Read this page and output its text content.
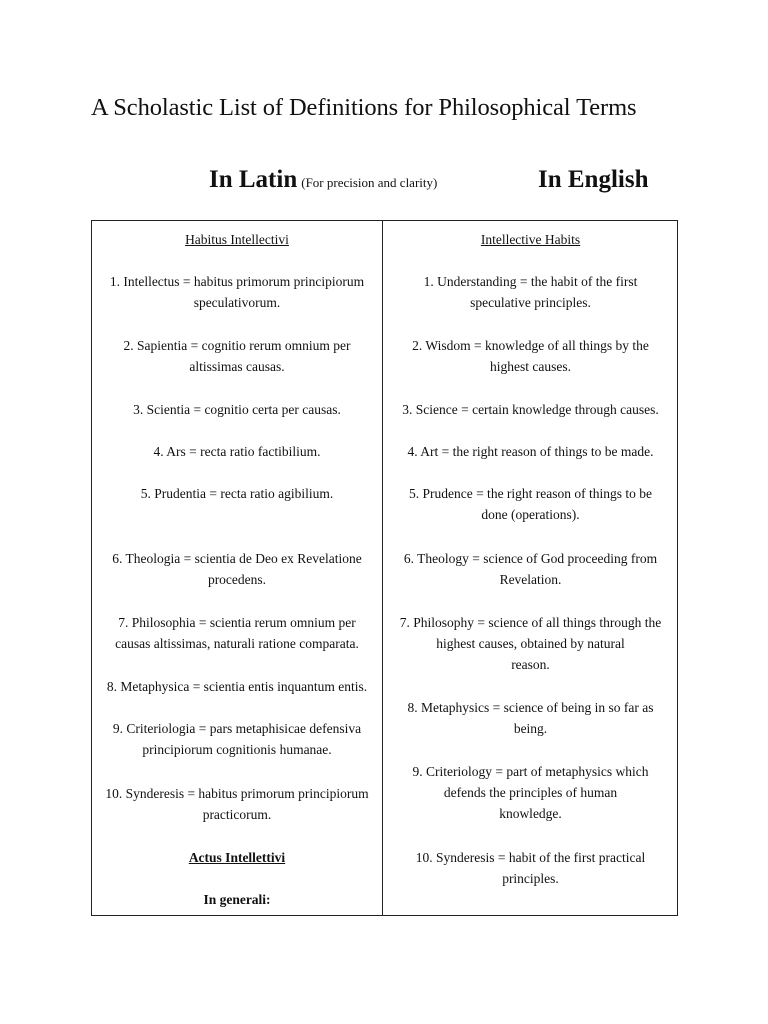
A Scholastic List of Definitions for Philosophical Terms
In Latin (For precision and clarity)	In English
Habitus Intellectivi
1. Intellectus = habitus primorum principiorum
speculativorum.
2. Sapientia = cognitio rerum omnium per
altissimas causas.
3. Scientia = cognitio certa per causas.
4. Ars = recta ratio factibilium.
5. Prudentia = recta ratio agibilium.
6. Theologia = scientia de Deo ex Revelatione
procedens.
7. Philosophia = scientia rerum omnium per
causas altissimas, naturali ratione comparata.
8. Metaphysica = scientia entis inquantum entis.
9. Criteriologia = pars metaphisicae defensiva
principiorum cognitionis humanae.
10. Synderesis = habitus primorum principiorum
practicorum.
Actus Intellettivi
In generali:
Intellective Habits
1. Understanding = the habit of the first
speculative principles.
2. Wisdom = knowledge of all things by the
highest causes.
3. Science = certain knowledge through causes.
4. Art = the right reason of things to be made.
5. Prudence = the right reason of things to be
done (operations).
6. Theology = science of God proceeding from
Revelation.
7. Philosophy = science of all things through the
highest causes, obtained by natural
reason.
8. Metaphysics = science of being in so far as
being.
9. Criteriology = part of metaphysics which
defends the principles of human
knowledge.
10. Synderesis = habit of the first practical
principles.
